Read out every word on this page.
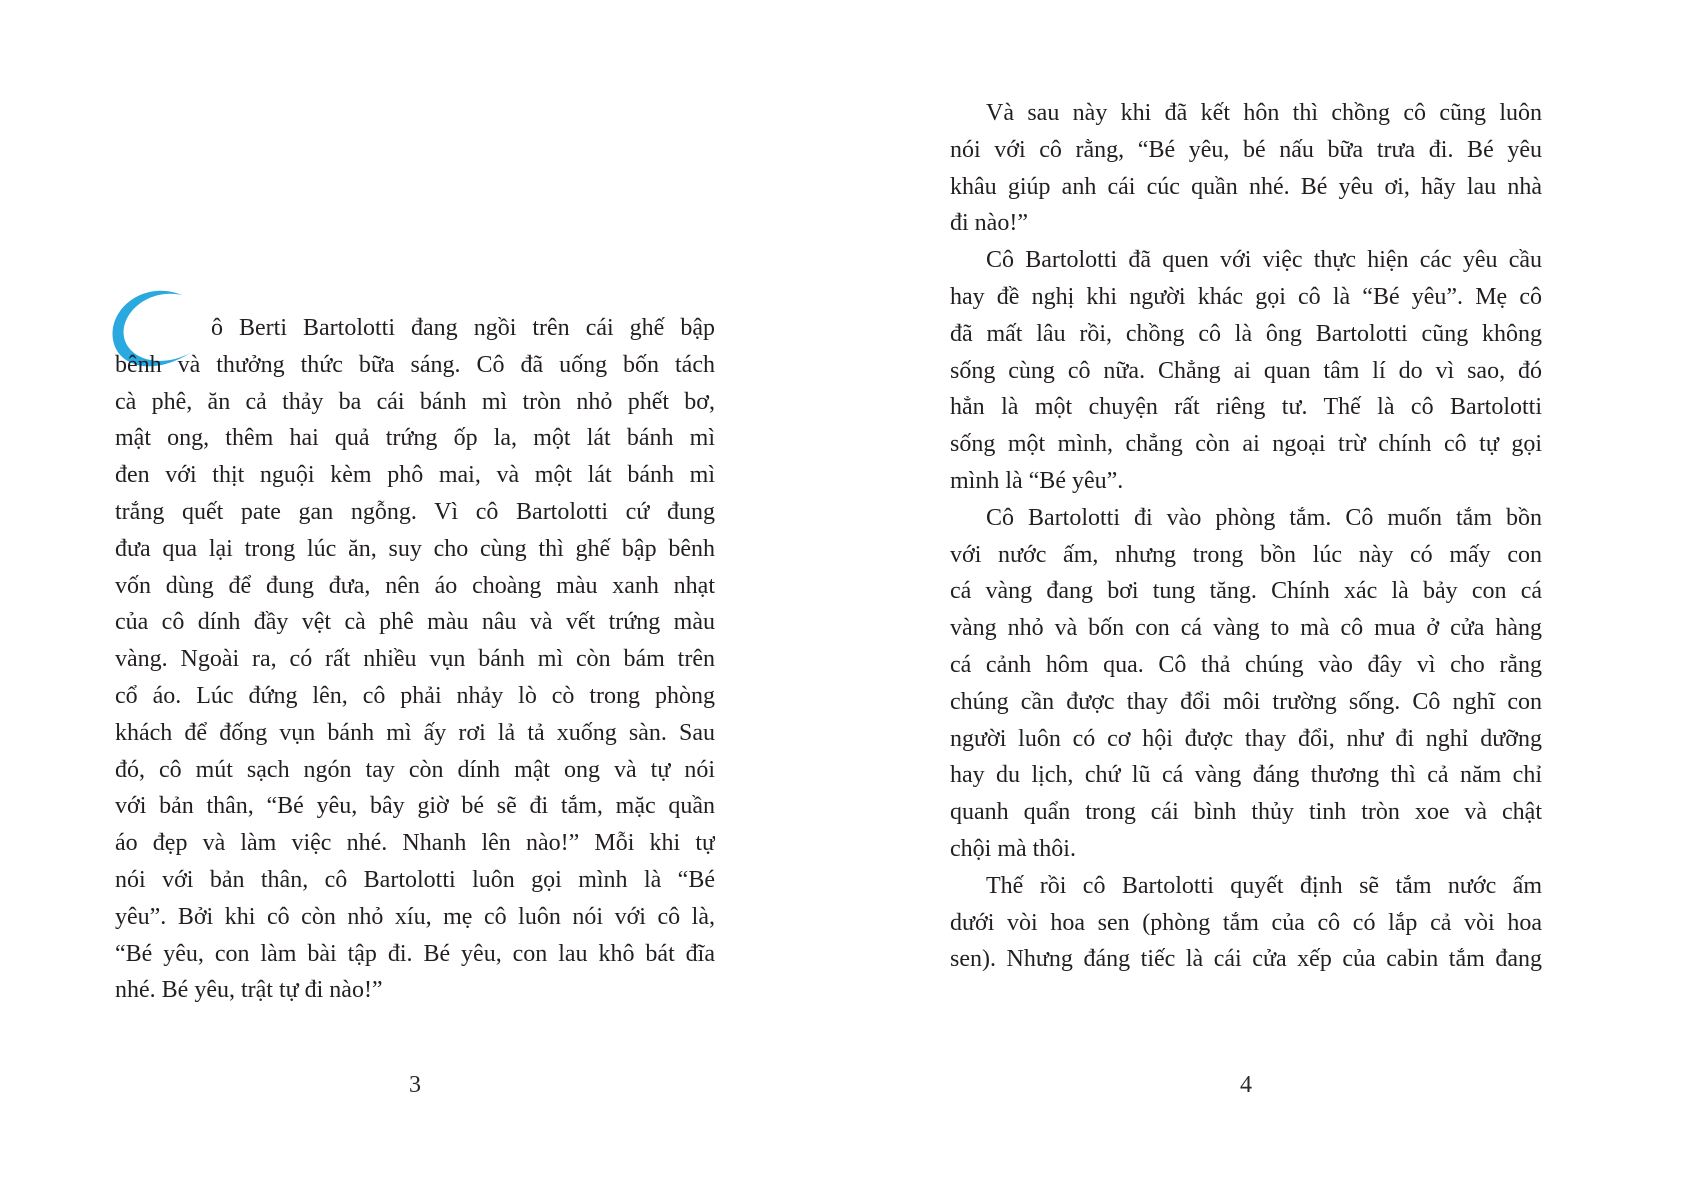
ô Berti Bartolotti đang ngồi trên cái ghế bập
bênh và thưởng thức bữa sáng. Cô đã uống bốn tách
cà phê, ăn cả thảy ba cái bánh mì tròn nhỏ phết bơ,
mật ong, thêm hai quả trứng ốp la, một lát bánh mì
đen với thịt nguội kèm phô mai, và một lát bánh mì
trắng quết pate gan ngỗng. Vì cô Bartolotti cứ đung
đưa qua lại trong lúc ăn, suy cho cùng thì ghế bập bênh
vốn dùng để đung đưa, nên áo choàng màu xanh nhạt
của cô dính đầy vệt cà phê màu nâu và vết trứng màu
vàng. Ngoài ra, có rất nhiều vụn bánh mì còn bám trên
cổ áo. Lúc đứng lên, cô phải nhảy lò cò trong phòng
khách để đống vụn bánh mì ấy rơi lả tả xuống sàn. Sau
đó, cô mút sạch ngón tay còn dính mật ong và tự nói
với bản thân, “Bé yêu, bây giờ bé sẽ đi tắm, mặc quần
áo đẹp và làm việc nhé. Nhanh lên nào!” Mỗi khi tự
nói với bản thân, cô Bartolotti luôn gọi mình là “Bé
yêu”. Bởi khi cô còn nhỏ xíu, mẹ cô luôn nói với cô là,
“Bé yêu, con làm bài tập đi. Bé yêu, con lau khô bát đĩa
nhé. Bé yêu, trật tự đi nào!”
Và sau này khi đã kết hôn thì chồng cô cũng luôn
nói với cô rằng, “Bé yêu, bé nấu bữa trưa đi. Bé yêu
khâu giúp anh cái cúc quần nhé. Bé yêu ơi, hãy lau nhà
đi nào!”
Cô Bartolotti đã quen với việc thực hiện các yêu cầu
hay đề nghị khi người khác gọi cô là “Bé yêu”. Mẹ cô
đã mất lâu rồi, chồng cô là ông Bartolotti cũng không
sống cùng cô nữa. Chẳng ai quan tâm lí do vì sao, đó
hẳn là một chuyện rất riêng tư. Thế là cô Bartolotti
sống một mình, chẳng còn ai ngoại trừ chính cô tự gọi
mình là “Bé yêu”.
Cô Bartolotti đi vào phòng tắm. Cô muốn tắm bồn
với nước ấm, nhưng trong bồn lúc này có mấy con
cá vàng đang bơi tung tăng. Chính xác là bảy con cá
vàng nhỏ và bốn con cá vàng to mà cô mua ở cửa hàng
cá cảnh hôm qua. Cô thả chúng vào đây vì cho rằng
chúng cần được thay đổi môi trường sống. Cô nghĩ con
người luôn có cơ hội được thay đổi, như đi nghỉ dưỡng
hay du lịch, chứ lũ cá vàng đáng thương thì cả năm chỉ
quanh quẩn trong cái bình thủy tinh tròn xoe và chật
chội mà thôi.
Thế rồi cô Bartolotti quyết định sẽ tắm nước ấm
dưới vòi hoa sen (phòng tắm của cô có lắp cả vòi hoa
sen). Nhưng đáng tiếc là cái cửa xếp của cabin tắm đang
3	4
